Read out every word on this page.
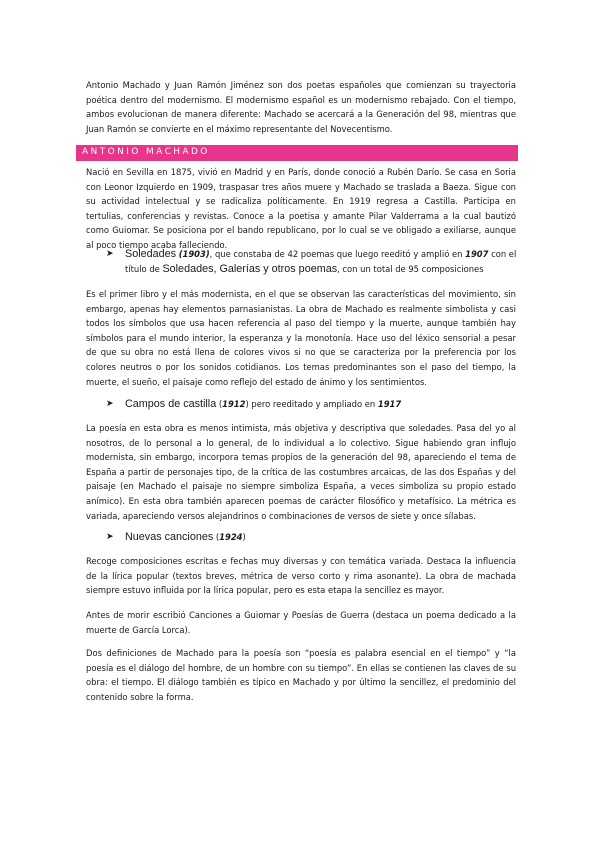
Antonio Machado y Juan Ramón Jiménez son dos poetas españoles que comienzan su trayectoria poética dentro del modernismo. El modernismo español es un modernismo rebajado. Con el tiempo, ambos evolucionan de manera diferente: Machado se acercará a la Generación del 98, mientras que Juan Ramón se convierte en el máximo representante del Novecentismo.

ANTONIO MACHADO

Nació en Sevilla en 1875, vivió en Madrid y en París, donde conoció a Rubén Darío. Se casa en Soria con Leonor Izquierdo en 1909, traspasar tres años muere y Machado se traslada a Baeza. Sigue con su actividad intelectual y se radicaliza políticamente. En 1919 regresa a Castilla. Participa en tertulias, conferencias y revistas. Conoce a la poetisa y amante Pilar Valderrama a la cual bautizó como Guiomar. Se posiciona por el bando republicano, por lo cual se ve obligado a exiliarse, aunque al poco tiempo acaba falleciendo.

➤ Soledades (1903), que constaba de 42 poemas que luego reeditó y amplió en 1907 con el título de Soledades, Galerías y otros poemas, con un total de 95 composiciones

Es el primer libro y el más modernista, en el que se observan las características del movimiento, sin embargo, apenas hay elementos parnasianistas. La obra de Machado es realmente simbolista y casi todos los símbolos que usa hacen referencia al paso del tiempo y la muerte, aunque también hay símbolos para el mundo interior, la esperanza y la monotonía. Hace uso del léxico sensorial a pesar de que su obra no está llena de colores vivos si no que se caracteriza por la preferencia por los colores neutros o por los sonidos cotidianos. Los temas predominantes son el paso del tiempo, la muerte, el sueño, el paisaje como reflejo del estado de ánimo y los sentimientos.

➤ Campos de castilla (1912) pero reeditado y ampliado en 1917

La poesía en esta obra es menos intimista, más objetiva y descriptiva que soledades. Pasa del yo al nosotros, de lo personal a lo general, de lo individual a lo colectivo. Sigue habiendo gran influjo modernista, sin embargo, incorpora temas propios de la generación del 98, apareciendo el tema de España a partir de personajes tipo, de la crítica de las costumbres arcaicas, de las dos Españas y del paisaje (en Machado el paisaje no siempre simboliza España, a veces simboliza su propio estado anímico). En esta obra también aparecen poemas de carácter filosófico y metafísico. La métrica es variada, apareciendo versos alejandrinos o combinaciones de versos de siete y once sílabas.

➤ Nuevas canciones (1924)

Recoge composiciones escritas e fechas muy diversas y con temática variada. Destaca la influencia de la lírica popular (textos breves, métrica de verso corto y rima asonante). La obra de machada siempre estuvo influida por la lírica popular, pero es esta etapa la sencillez es mayor.

Antes de morir escribió Canciones a Guiomar y Poesías de Guerra (destaca un poema dedicado a la muerte de García Lorca).

Dos definiciones de Machado para la poesía son “poesía es palabra esencial en el tiempo” y “la poesía es el diálogo del hombre, de un hombre con su tiempo”. En ellas se contienen las claves de su obra: el tiempo. El diálogo también es típico en Machado y por último la sencillez, el predominio del contenido sobre la forma.
